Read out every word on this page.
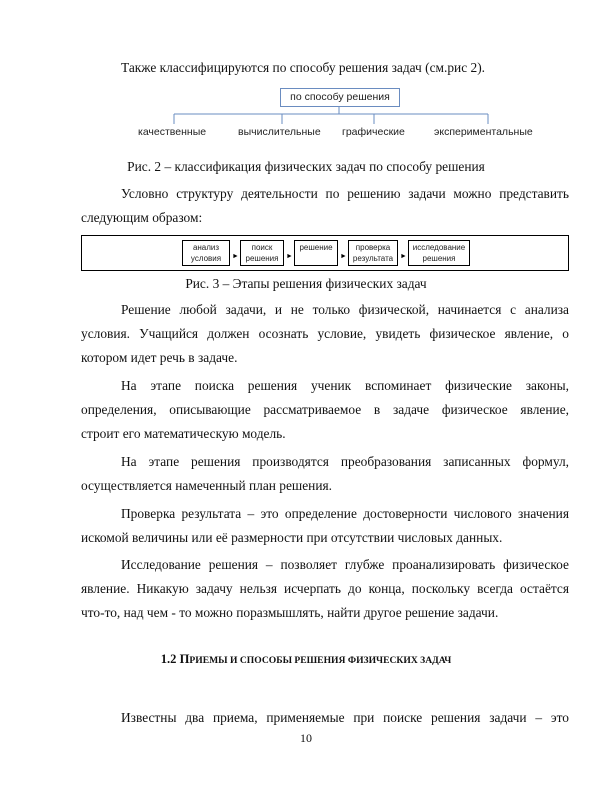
Также классифицируются по способу решения задач (см.рис 2).
по способу решения
качественные	вычислительные графические	экспериментальные
Рис. 2 – классификация физических задач по способу решения
Условно структуру деятельности по решению задачи можно представить
следующим образом:
анализ
условия	►
поиск
решения	►
решение
►
проверка
результата ►
исследование
решения
Рис. 3 – Этапы решения физических задач
Решение любой задачи, и не только физической, начинается с анализа
условия. Учащийся должен осознать условие, увидеть физическое явление, о
котором идет речь в задаче.
На этапе поиска решения ученик вспоминает физические законы,
определения, описывающие рассматриваемое в задаче физическое явление,
строит его математическую модель.
На этапе решения производятся преобразования записанных формул,
осуществляется намеченный план решения.
Проверка результата – это определение достоверности числового значения
искомой величины или её размерности при отсутствии числовых данных.
Исследование решения – позволяет глубже проанализировать физическое
явление. Никакую задачу нельзя исчерпать до конца, поскольку всегда остаётся
что-то, над чем - то можно поразмышлять, найти другое решение задачи.
1.2 ПРИЕМЫ И СПОСОБЫ РЕШЕНИЯ ФИЗИЧЕСКИХ ЗАДАЧ
Известны два приема, применяемые при поиске решения задачи – это
10
